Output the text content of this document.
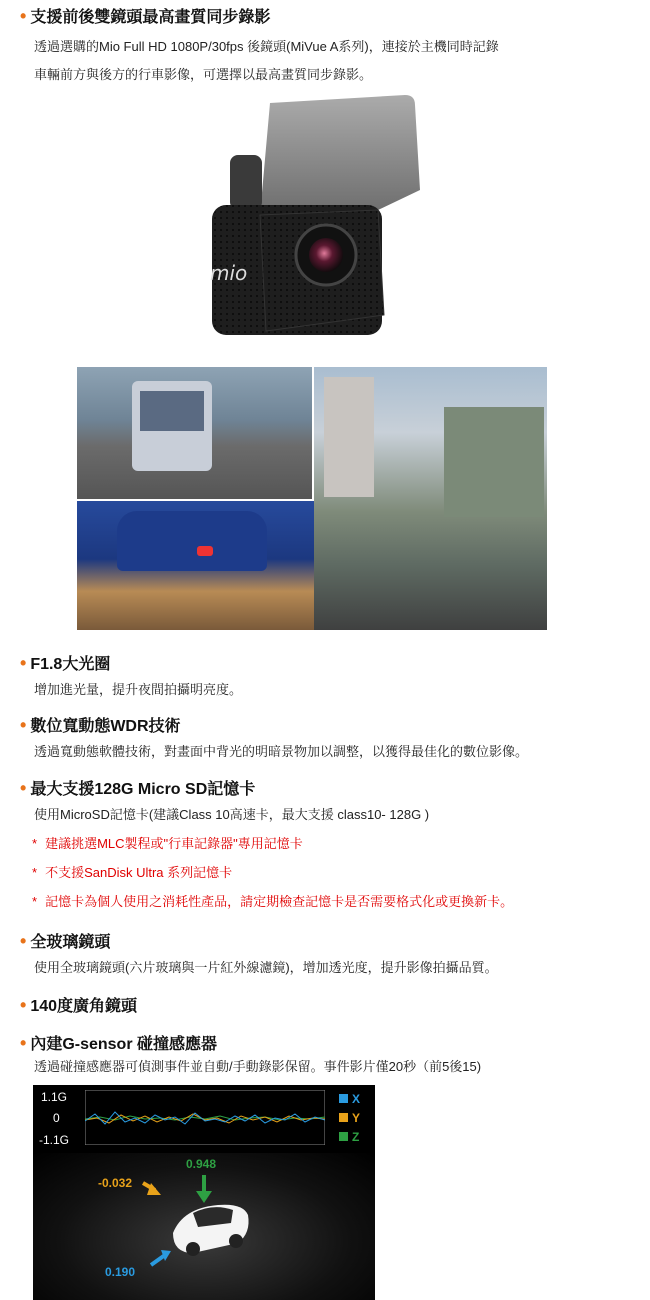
• 支援前後雙鏡頭最高畫質同步錄影
透過選購的Mio Full HD 1080P/30fps 後鏡頭(MiVue A系列)，連接於主機同時記錄
車輛前方與後方的行車影像，可選擇以最高畫質同步錄影。
mio
• F1.8大光圈
增加進光量，提升夜間拍攝明亮度。
• 數位寬動態WDR技術
透過寬動態軟體技術，對畫面中背光的明暗景物加以調整，以獲得最佳化的數位影像。
• 最大支援128G Micro SD記憶卡
使用MicroSD記憶卡(建議Class 10高速卡，最大支援 class10- 128G )
* 建議挑選MLC製程或"行車記錄器"專用記憶卡
* 不支援SanDisk Ultra 系列記憶卡
* 記憶卡為個人使用之消耗性產品，請定期檢查記憶卡是否需要格式化或更換新卡。
• 全玻璃鏡頭
使用全玻璃鏡頭(六片玻璃與一片紅外線濾鏡)，增加透光度，提升影像拍攝品質。
• 140度廣角鏡頭
• 內建G-sensor 碰撞感應器
透過碰撞感應器可偵測事件並自動/手動錄影保留。事件影片僅20秒（前5後15)
1.1G
0
-1.1G
X
Y
Z
0.948
-0.032
0.190
